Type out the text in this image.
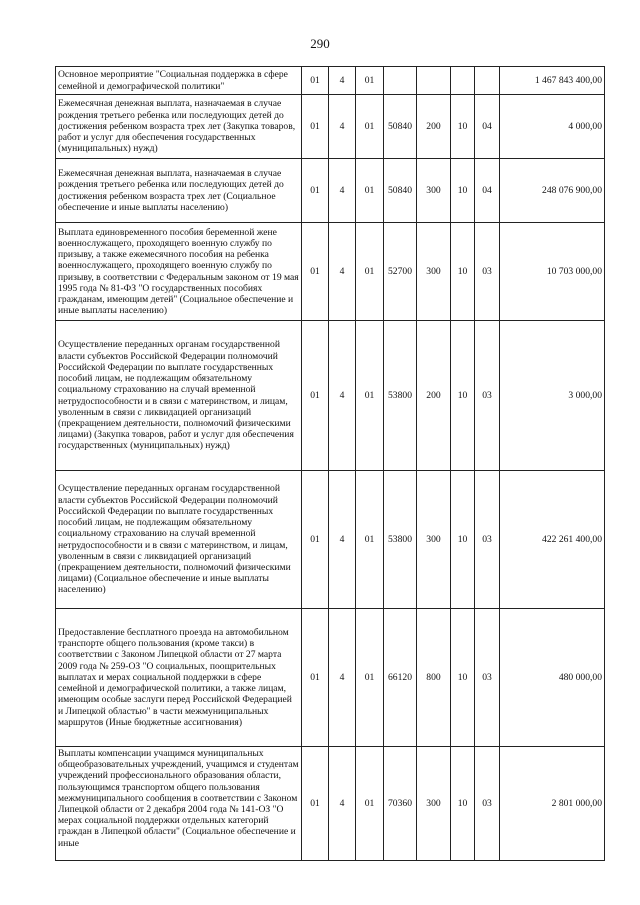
290
Основное мероприятие "Социальная поддержка в сфере семейной и демографической политики"	01	4	01					1 467 843 400,00
Ежемесячная денежная выплата, назначаемая в случае рождения третьего ребенка или последующих детей до достижения ребенком возраста трех лет (Закупка товаров, работ и услуг для обеспечения государственных (муниципальных) нужд)	01	4	01	50840	200	10	04	4 000,00
Ежемесячная денежная выплата, назначаемая в случае рождения третьего ребенка или последующих детей до достижения ребенком возраста трех лет (Социальное обеспечение и иные выплаты населению)	01	4	01	50840	300	10	04	248 076 900,00
Выплата единовременного пособия беременной жене военнослужащего, проходящего военную службу по призыву, а также ежемесячного пособия на ребенка военнослужащего, проходящего военную службу по призыву, в соответствии с Федеральным законом от 19 мая 1995 года № 81-ФЗ "О государственных пособиях гражданам, имеющим детей" (Социальное обеспечение и иные выплаты населению)	01	4	01	52700	300	10	03	10 703 000,00
Осуществление переданных органам государственной власти субъектов Российской Федерации полномочий Российской Федерации по выплате государственных пособий лицам, не подлежащим обязательному социальному страхованию на случай временной нетрудоспособности и в связи с материнством, и лицам, уволенным в связи с ликвидацией организаций (прекращением деятельности, полномочий физическими лицами) (Закупка товаров, работ и услуг для обеспечения государственных (муниципальных) нужд)	01	4	01	53800	200	10	03	3 000,00
Осуществление переданных органам государственной власти субъектов Российской Федерации полномочий Российской Федерации по выплате государственных пособий лицам, не подлежащим обязательному социальному страхованию на случай временной нетрудоспособности и в связи с материнством, и лицам, уволенным в связи с ликвидацией организаций (прекращением деятельности, полномочий физическими лицами) (Социальное обеспечение и иные выплаты населению)	01	4	01	53800	300	10	03	422 261 400,00
Предоставление бесплатного проезда на автомобильном транспорте общего пользования (кроме такси) в соответствии с Законом Липецкой области от 27 марта 2009 года № 259-ОЗ "О социальных, поощрительных выплатах и мерах социальной поддержки в сфере семейной и демографической политики, а также лицам, имеющим особые заслуги перед Российской Федерацией и Липецкой областью" в части межмуниципальных маршрутов (Иные бюджетные ассигнования)	01	4	01	66120	800	10	03	480 000,00
Выплаты компенсации учащимся муниципальных общеобразовательных учреждений, учащимся и студентам учреждений профессионального образования области, пользующимся транспортом общего пользования межмуниципального сообщения в соответствии с Законом Липецкой области от 2 декабря 2004 года № 141-ОЗ "О мерах социальной поддержки отдельных категорий граждан в Липецкой области" (Социальное обеспечение и иные	01	4	01	70360	300	10	03	2 801 000,00
